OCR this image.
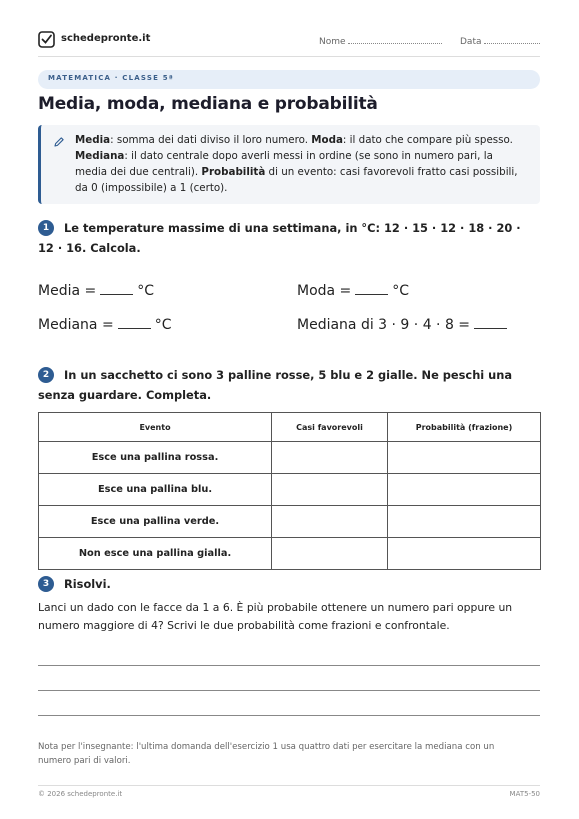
schedepronte.it	Nome	Data
MATEMATICA · CLASSE 5ª
Media, moda, mediana e probabilità
Media: somma dei dati diviso il loro numero. Moda: il dato che compare più spesso. Mediana: il dato centrale dopo averli messi in ordine (se sono in numero pari, la media dei due centrali). Probabilità di un evento: casi favorevoli fratto casi possibili, da 0 (impossibile) a 1 (certo).
1	Le temperature massime di una settimana, in °C: 12 · 15 · 12 · 18 · 20 · 12 · 16. Calcola.
Media =	°C	Moda =	°C
Mediana =	°C	Mediana di 3 · 9 · 4 · 8 =
2	In un sacchetto ci sono 3 palline rosse, 5 blu e 2 gialle. Ne peschi una senza guardare. Completa.
Evento	Casi favorevoli	Probabilità (frazione)
Esce una pallina rossa.		
Esce una pallina blu.		
Esce una pallina verde.		
Non esce una pallina gialla.		
3	Risolvi.
Lanci un dado con le facce da 1 a 6. È più probabile ottenere un numero pari oppure un numero maggiore di 4? Scrivi le due probabilità come frazioni e confrontale.
Nota per l'insegnante: l'ultima domanda dell'esercizio 1 usa quattro dati per esercitare la mediana con un numero pari di valori.
© 2026 schedepronte.it	MAT5-50
